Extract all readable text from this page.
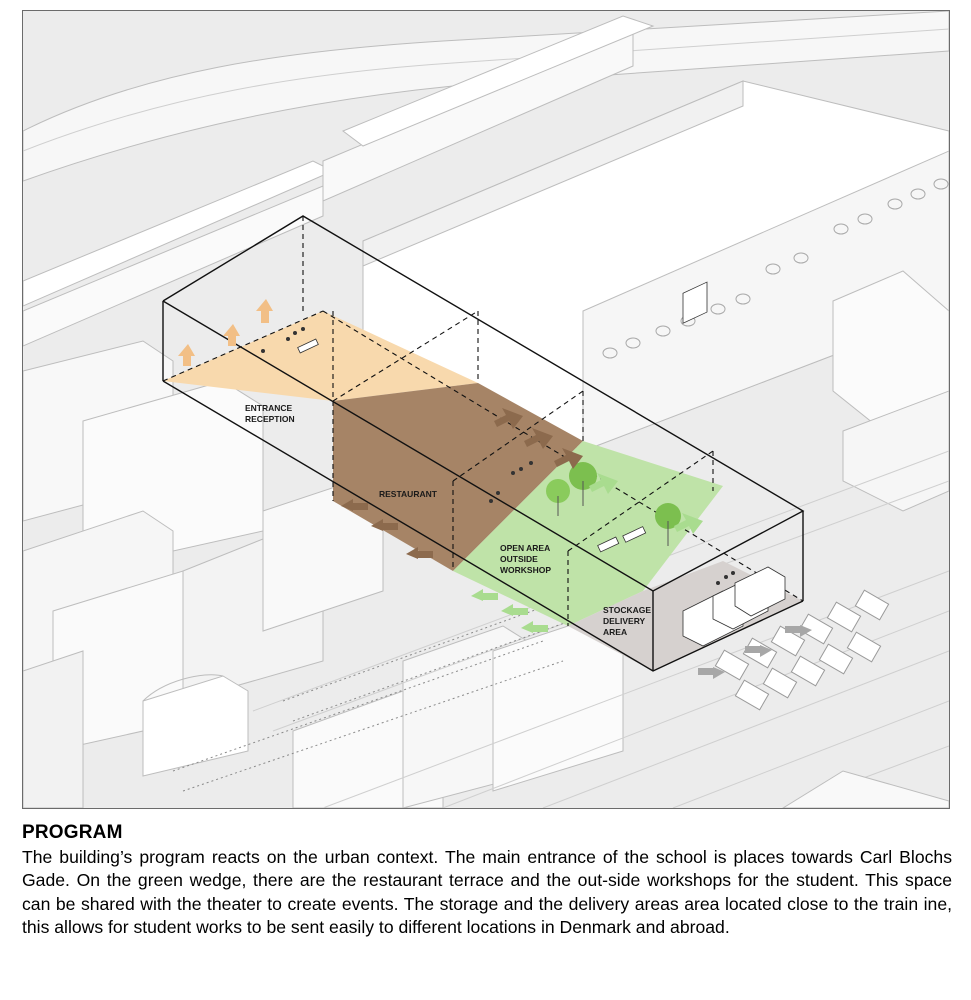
ENTRANCE RECEPTION
RESTAURANT
OPEN AREA OUTSIDE WORKSHOP
STOCKAGE DELIVERY AREA
PROGRAM

The building’s program reacts on the urban context. The main entrance of the school is places towards Carl Blochs Gade. On the green wedge, there are the restaurant terrace and the out-side workshops for the student. This space can be shared with the theater to create events. The storage and the delivery areas area located close to the train ine, this allows for student works to be sent easily to different locations in Denmark and abroad.
